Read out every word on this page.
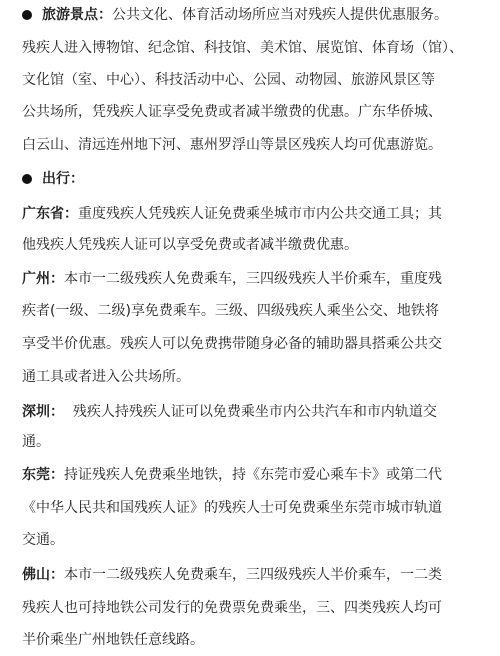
旅游景点：公共文化、体育活动场所应当对残疾人提供优惠服务。
残疾人进入博物馆、纪念馆、科技馆、美术馆、展览馆、体育场（馆）、
文化馆（室、中心）、科技活动中心、公园、动物园、旅游风景区等
公共场所，凭残疾人证享受免费或者减半缴费的优惠。广东华侨城、
白云山、清远连州地下河、惠州罗浮山等景区残疾人均可优惠游览。
出行：
广东省：重度残疾人凭残疾人证免费乘坐城市市内公共交通工具；其
他残疾人凭残疾人证可以享受免费或者减半缴费优惠。
广州：本市一二级残疾人免费乘车，三四级残疾人半价乘车，重度残
疾者(一级、二级)享免费乘车。三级、四级残疾人乘坐公交、地铁将
享受半价优惠。残疾人可以免费携带随身必备的辅助器具搭乘公共交
通工具或者进入公共场所。
深圳：  残疾人持残疾人证可以免费乘坐市内公共汽车和市内轨道交
通。
东莞：持证残疾人免费乘坐地铁，持《东莞市爱心乘车卡》或第二代
《中华人民共和国残疾人证》的残疾人士可免费乘坐东莞市城市轨道
交通。
佛山：本市一二级残疾人免费乘车，三四级残疾人半价乘车，一二类
残疾人也可持地铁公司发行的免费票免费乘坐，三、四类残疾人均可
半价乘坐广州地铁任意线路。
